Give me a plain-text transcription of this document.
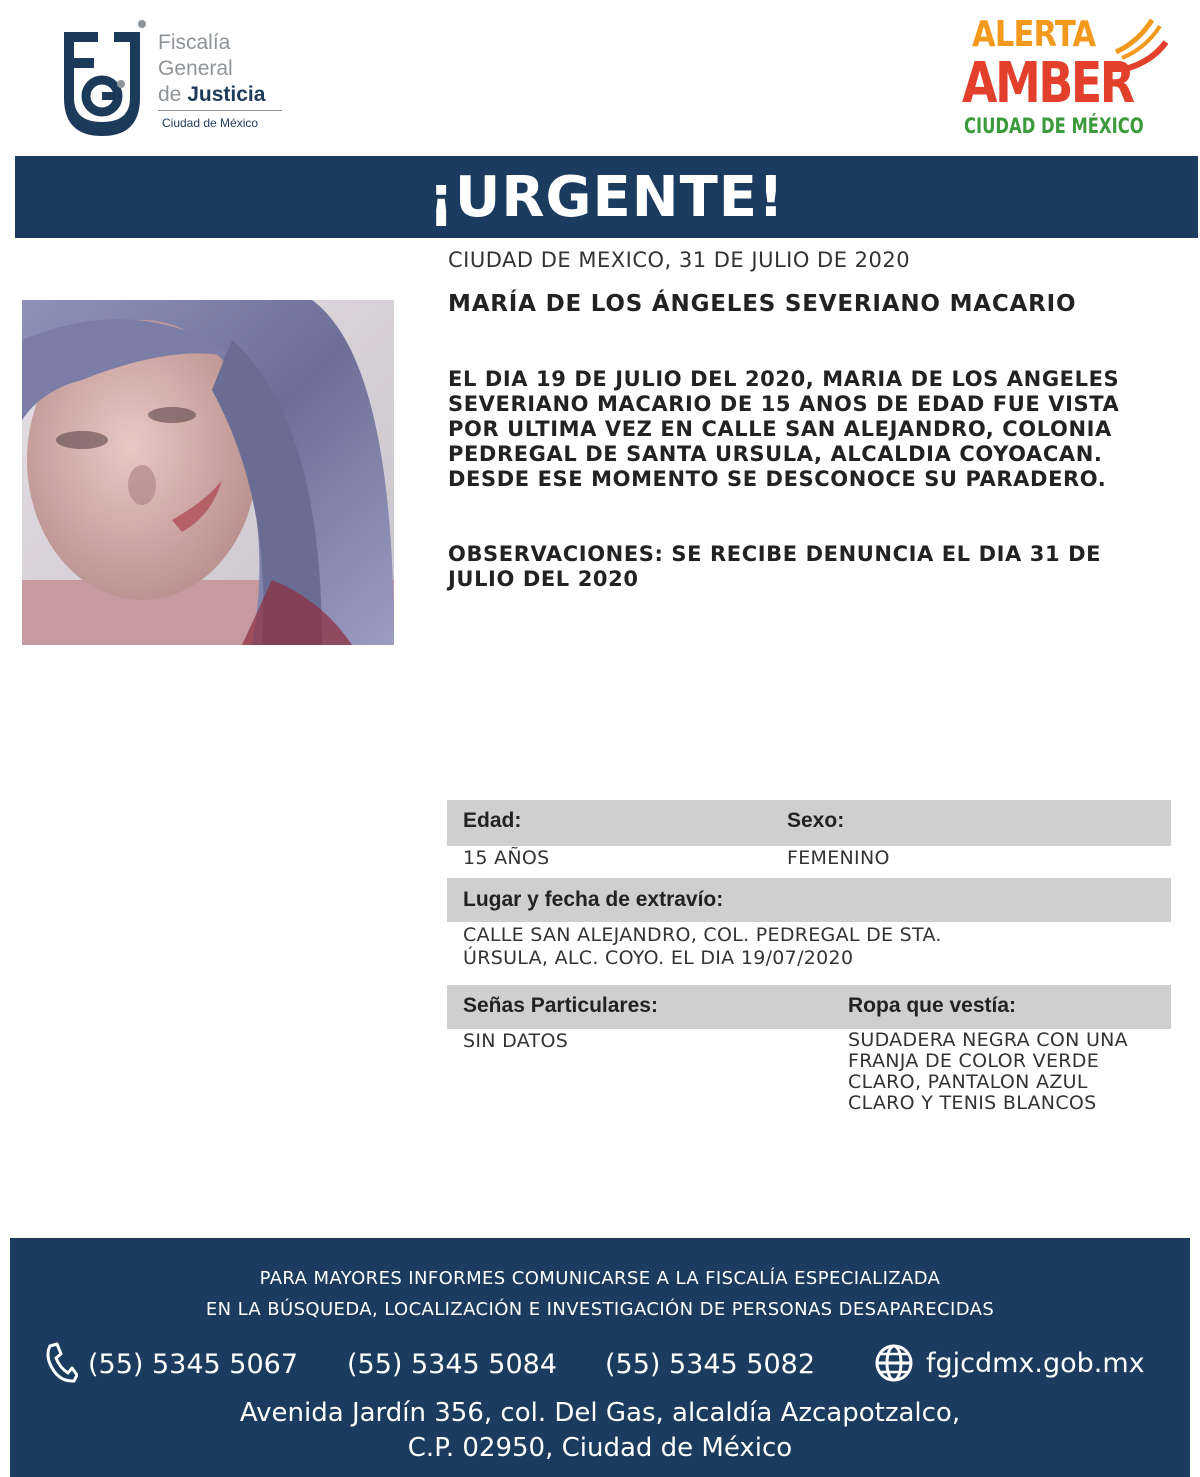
Fiscalía
General
de Justicia
Ciudad de México
ALERTA
AMBER
CIUDAD DE MÉXICO
¡URGENTE!
CIUDAD DE MEXICO, 31 DE JULIO DE 2020
MARÍA DE LOS ÁNGELES SEVERIANO MACARIO
EL DIA 19 DE JULIO DEL 2020, MARIA DE LOS ANGELES SEVERIANO MACARIO DE 15 ANOS DE EDAD FUE VISTA POR ULTIMA VEZ EN CALLE SAN ALEJANDRO, COLONIA PEDREGAL DE SANTA URSULA, ALCALDIA COYOACAN. DESDE ESE MOMENTO SE DESCONOCE SU PARADERO.
OBSERVACIONES: SE RECIBE DENUNCIA EL DIA 31 DE JULIO DEL 2020
Edad:	Sexo:
15 AÑOS	FEMENINO
Lugar y fecha de extravío:
CALLE SAN ALEJANDRO, COL. PEDREGAL DE STA.
ÚRSULA, ALC. COYO. EL DIA 19/07/2020
Señas Particulares:	Ropa que vestía:
SIN DATOS	SUDADERA NEGRA CON UNA
FRANJA DE COLOR VERDE
CLARO, PANTALON AZUL
CLARO Y TENIS BLANCOS
PARA MAYORES INFORMES COMUNICARSE A LA FISCALÍA ESPECIALIZADA
EN LA BÚSQUEDA, LOCALIZACIÓN E INVESTIGACIÓN DE PERSONAS DESAPARECIDAS
(55) 5345 5067 (55) 5345 5084 (55) 5345 5082	fgjcdmx.gob.mx
Avenida Jardín 356, col. Del Gas, alcaldía Azcapotzalco,
C.P. 02950, Ciudad de México
